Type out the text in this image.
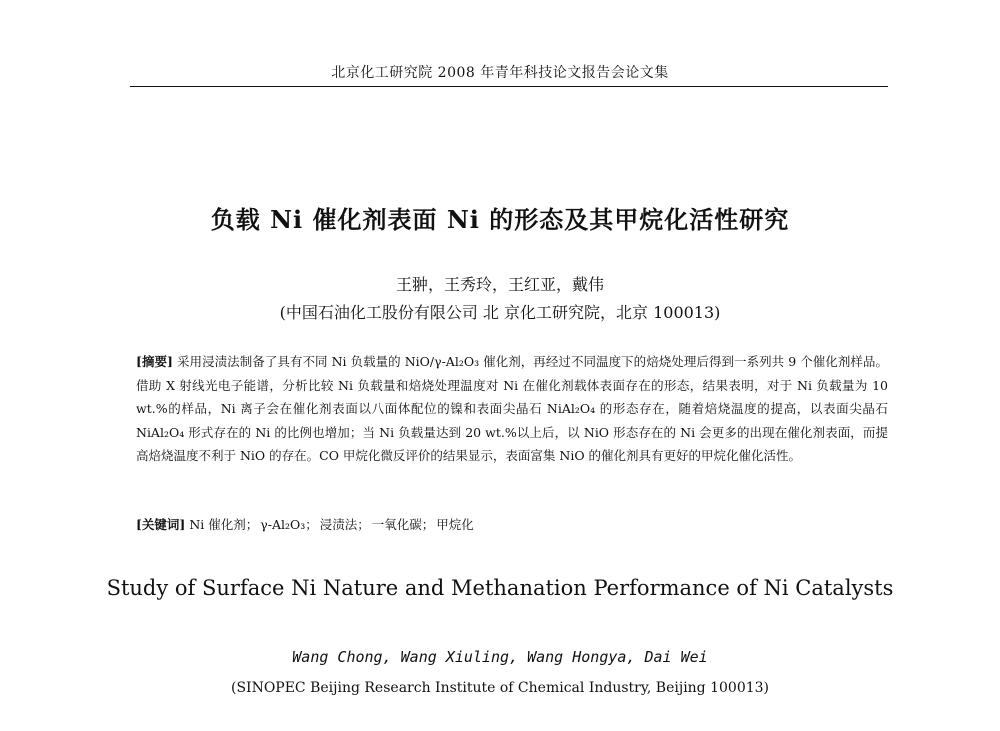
北京化工研究院 2008 年青年科技论文报告会论文集
负载 Ni 催化剂表面 Ni 的形态及其甲烷化活性研究
王翀，王秀玲，王红亚，戴伟
(中国石油化工股份有限公司 北 京化工研究院，北京 100013)
[摘要] 采用浸渍法制备了具有不同 Ni 负载量的 NiO/γ-Al₂O₃ 催化剂，再经过不同温度下的焙烧处理后得到一系列共 9 个催化剂样品。借助 X 射线光电子能谱，分析比较 Ni 负载量和焙烧处理温度对 Ni 在催化剂载体表面存在的形态，结果表明，对于 Ni 负载量为 10 wt.%的样品，Ni 离子会在催化剂表面以八面体配位的镍和表面尖晶石 NiAl₂O₄ 的形态存在，随着焙烧温度的提高，以表面尖晶石 NiAl₂O₄ 形式存在的 Ni 的比例也增加；当 Ni 负载量达到 20 wt.%以上后，以 NiO 形态存在的 Ni 会更多的出现在催化剂表面，而提高焙烧温度不利于 NiO 的存在。CO 甲烷化微反评价的结果显示，表面富集 NiO 的催化剂具有更好的甲烷化催化活性。
[关键词] Ni 催化剂； γ-Al₂O₃； 浸渍法； 一氧化碳； 甲烷化
Study of Surface Ni Nature and Methanation Performance of Ni Catalysts
Wang Chong, Wang Xiuling, Wang Hongya, Dai Wei
(SINOPEC Beijing Research Institute of Chemical Industry, Beijing 100013)
